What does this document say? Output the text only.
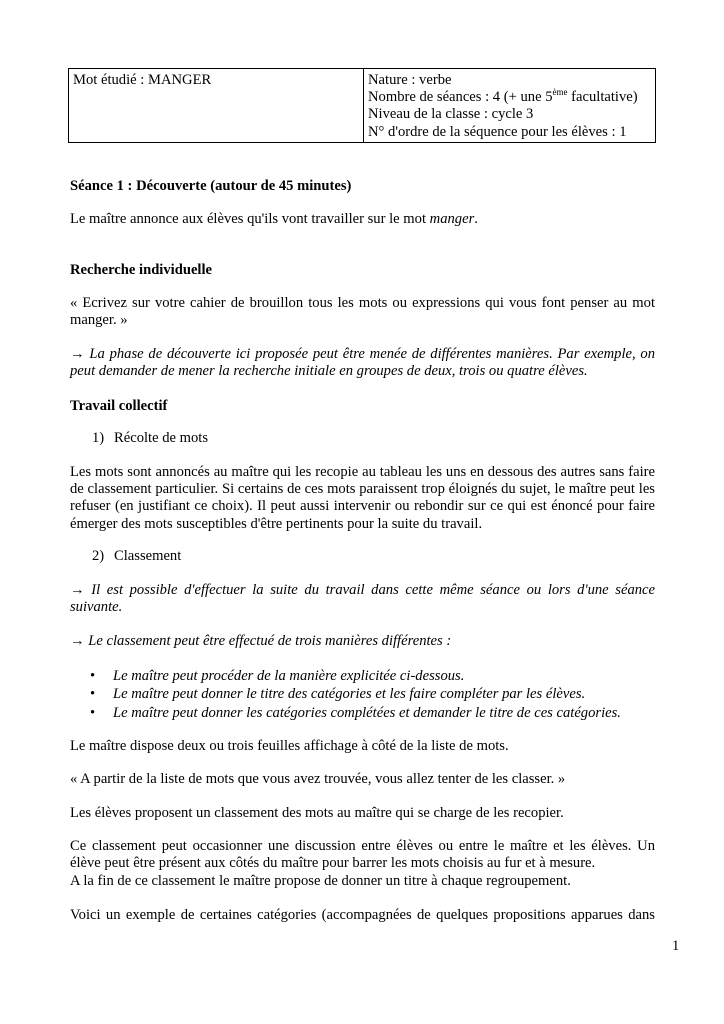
Mot étudié : MANGER	Nature : verbe
Nombre de séances : 4 (+ une 5ème facultative)
Niveau de la classe : cycle 3
N° d'ordre de la séquence pour les élèves : 1

Séance 1 : Découverte (autour de 45 minutes)

Le maître annonce aux élèves qu'ils vont travailler sur le mot manger.

Recherche individuelle

« Ecrivez sur votre cahier de brouillon tous les mots ou expressions qui vous font penser au mot manger. »

→ La phase de découverte ici proposée peut être menée de différentes manières. Par exemple, on peut demander de mener la recherche initiale en groupes de deux, trois ou quatre élèves.

Travail collectif

1) Récolte de mots

Les mots sont annoncés au maître qui les recopie au tableau les uns en dessous des autres sans faire de classement particulier. Si certains de ces mots paraissent trop éloignés du sujet, le maître peut les refuser (en justifiant ce choix). Il peut aussi intervenir ou rebondir sur ce qui est énoncé pour faire émerger des mots susceptibles d'être pertinents pour la suite du travail.

2) Classement

→ Il est possible d'effectuer la suite du travail dans cette même séance ou lors d'une séance suivante.

→ Le classement peut être effectué de trois manières différentes :

• Le maître peut procéder de la manière explicitée ci-dessous.

• Le maître peut donner le titre des catégories et les faire compléter par les élèves.

• Le maître peut donner les catégories complétées et demander le titre de ces catégories.

Le maître dispose deux ou trois feuilles affichage à côté de la liste de mots.

« A partir de la liste de mots que vous avez trouvée, vous allez tenter de les classer. »

Les élèves proposent un classement des mots au maître qui se charge de les recopier.

Ce classement peut occasionner une discussion entre élèves ou entre le maître et les élèves. Un élève peut être présent aux côtés du maître pour barrer les mots choisis au fur et à mesure.

A la fin de ce classement le maître propose de donner un titre à chaque regroupement.

Voici un exemple de certaines catégories (accompagnées de quelques propositions apparues dans

1
